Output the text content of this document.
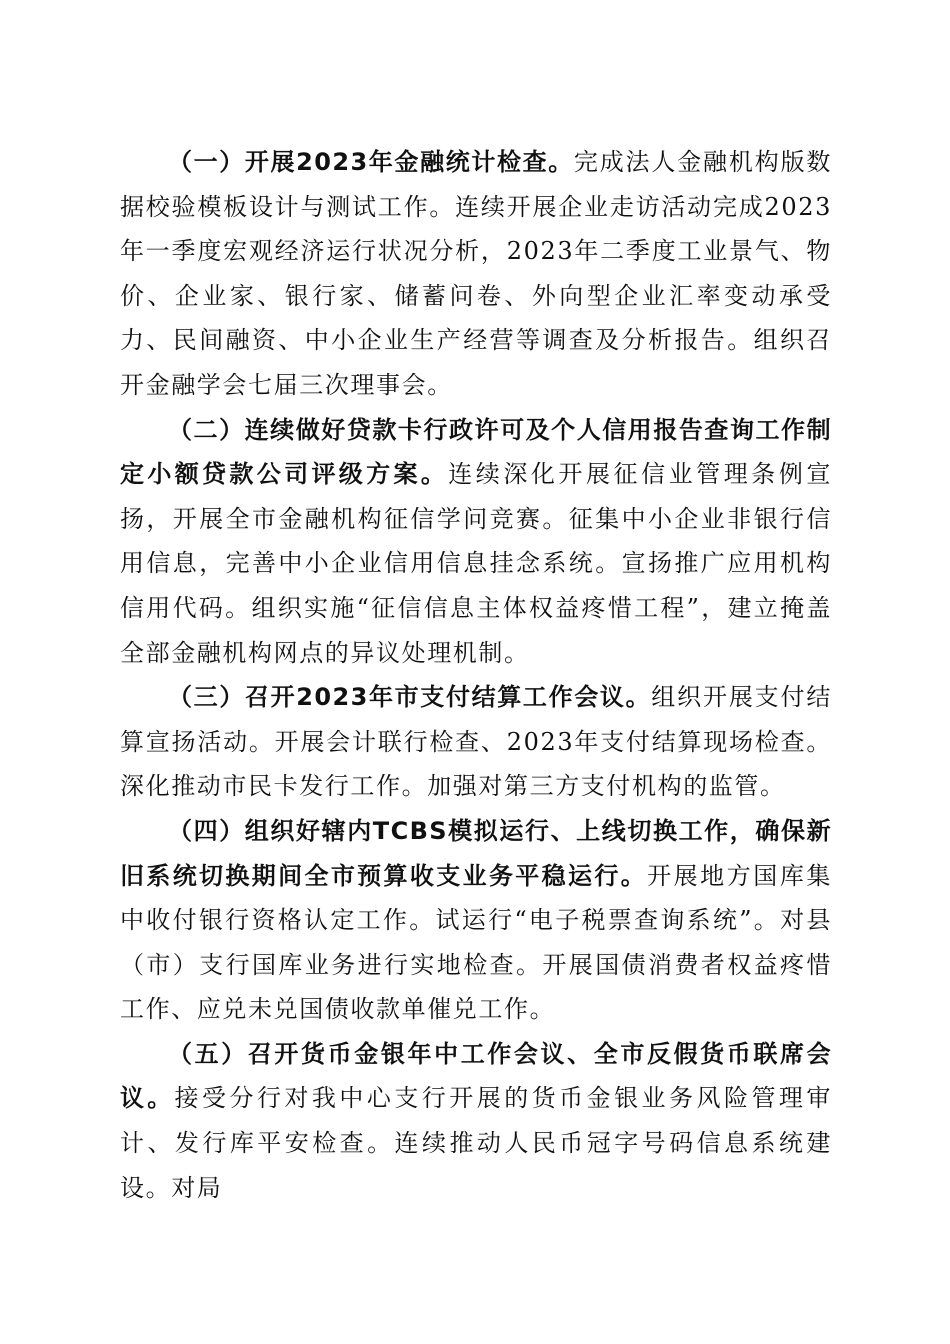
（一）开展2023年金融统计检查。完成法人金融机构版数据校验模板设计与测试工作。连续开展企业走访活动完成2023年一季度宏观经济运行状况分析，2023年二季度工业景气、物价、企业家、银行家、储蓄问卷、外向型企业汇率变动承受力、民间融资、中小企业生产经营等调查及分析报告。组织召开金融学会七届三次理事会。

（二）连续做好贷款卡行政许可及个人信用报告查询工作制定小额贷款公司评级方案。连续深化开展征信业管理条例宣扬，开展全市金融机构征信学问竞赛。征集中小企业非银行信用信息，完善中小企业信用信息挂念系统。宣扬推广应用机构信用代码。组织实施“征信信息主体权益疼惜工程”，建立掩盖全部金融机构网点的异议处理机制。

（三）召开2023年市支付结算工作会议。组织开展支付结算宣扬活动。开展会计联行检查、2023年支付结算现场检查。深化推动市民卡发行工作。加强对第三方支付机构的监管。

（四）组织好辖内TCBS模拟运行、上线切换工作，确保新旧系统切换期间全市预算收支业务平稳运行。开展地方国库集中收付银行资格认定工作。试运行“电子税票查询系统”。对县（市）支行国库业务进行实地检查。开展国债消费者权益疼惜工作、应兑未兑国债收款单催兑工作。

（五）召开货币金银年中工作会议、全市反假货币联席会议。接受分行对我中心支行开展的货币金银业务风险管理审计、发行库平安检查。连续推动人民币冠字号码信息系统建设。对局
